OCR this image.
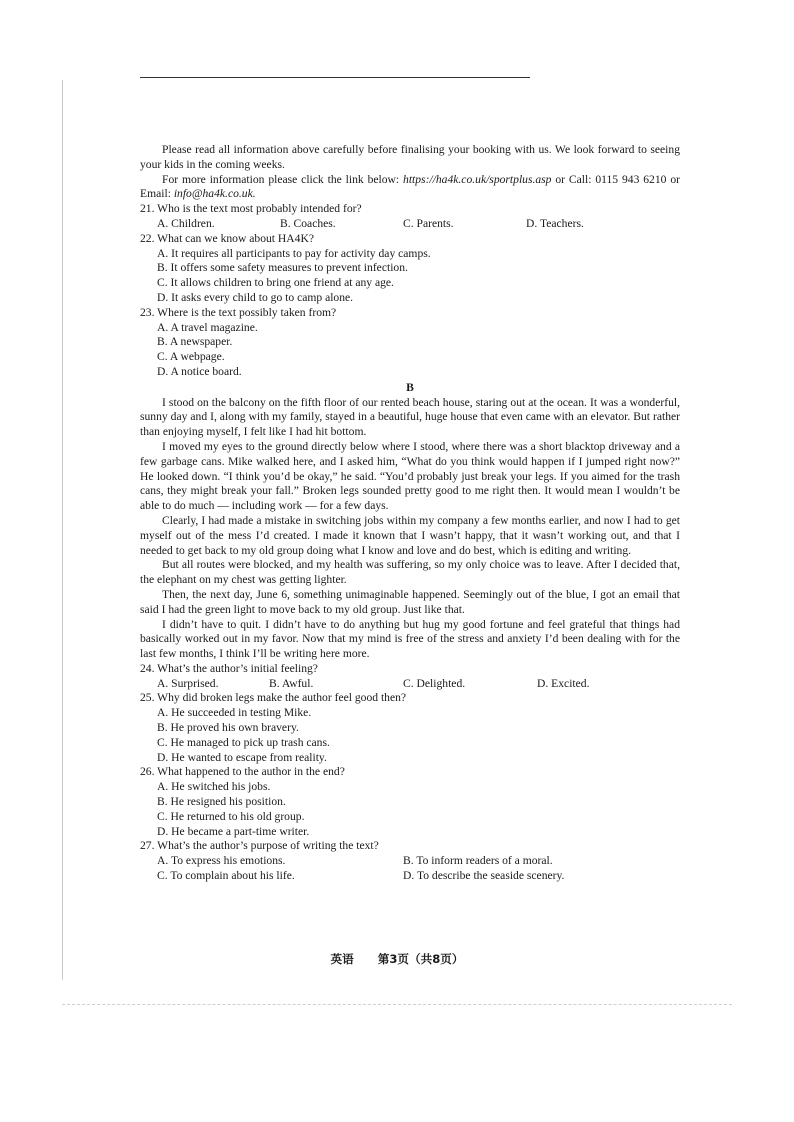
Please read all information above carefully before finalising your booking with us. We look forward to seeing your kids in the coming weeks.

For more information please click the link below: https://ha4k.co.uk/sportplus.asp or Call: 0115 943 6210 or Email: info@ha4k.co.uk.

21. Who is the text most probably intended for?
A. Children.	B. Coaches.	C. Parents.	D. Teachers.
22. What can we know about HA4K?
A. It requires all participants to pay for activity day camps.
B. It offers some safety measures to prevent infection.
C. It allows children to bring one friend at any age.
D. It asks every child to go to camp alone.
23. Where is the text possibly taken from?
A. A travel magazine.
B. A newspaper.
C. A webpage.
D. A notice board.
B

I stood on the balcony on the fifth floor of our rented beach house, staring out at the ocean. It was a wonderful, sunny day and I, along with my family, stayed in a beautiful, huge house that even came with an elevator. But rather than enjoying myself, I felt like I had hit bottom.

I moved my eyes to the ground directly below where I stood, where there was a short blacktop driveway and a few garbage cans. Mike walked here, and I asked him, “What do you think would happen if I jumped right now?” He looked down. “I think you’d be okay,” he said. “You’d probably just break your legs. If you aimed for the trash cans, they might break your fall.” Broken legs sounded pretty good to me right then. It would mean I wouldn’t be able to do much — including work — for a few days.

Clearly, I had made a mistake in switching jobs within my company a few months earlier, and now I had to get myself out of the mess I’d created. I made it known that I wasn’t happy, that it wasn’t working out, and that I needed to get back to my old group doing what I know and love and do best, which is editing and writing.

But all routes were blocked, and my health was suffering, so my only choice was to leave. After I decided that, the elephant on my chest was getting lighter.

Then, the next day, June 6, something unimaginable happened. Seemingly out of the blue, I got an email that said I had the green light to move back to my old group. Just like that.

I didn’t have to quit. I didn’t have to do anything but hug my good fortune and feel grateful that things had basically worked out in my favor. Now that my mind is free of the stress and anxiety I’d been dealing with for the last few months, I think I’ll be writing here more.

24. What’s the author’s initial feeling?
A. Surprised.	B. Awful.	C. Delighted.	D. Excited.
25. Why did broken legs make the author feel good then?
A. He succeeded in testing Mike.
B. He proved his own bravery.
C. He managed to pick up trash cans.
D. He wanted to escape from reality.
26. What happened to the author in the end?
A. He switched his jobs.
B. He resigned his position.
C. He returned to his old group.
D. He became a part-time writer.
27. What’s the author’s purpose of writing the text?
A. To express his emotions.	B. To inform readers of a moral.
C. To complain about his life.	D. To describe the seaside scenery.
英语 第3页（共8页）
